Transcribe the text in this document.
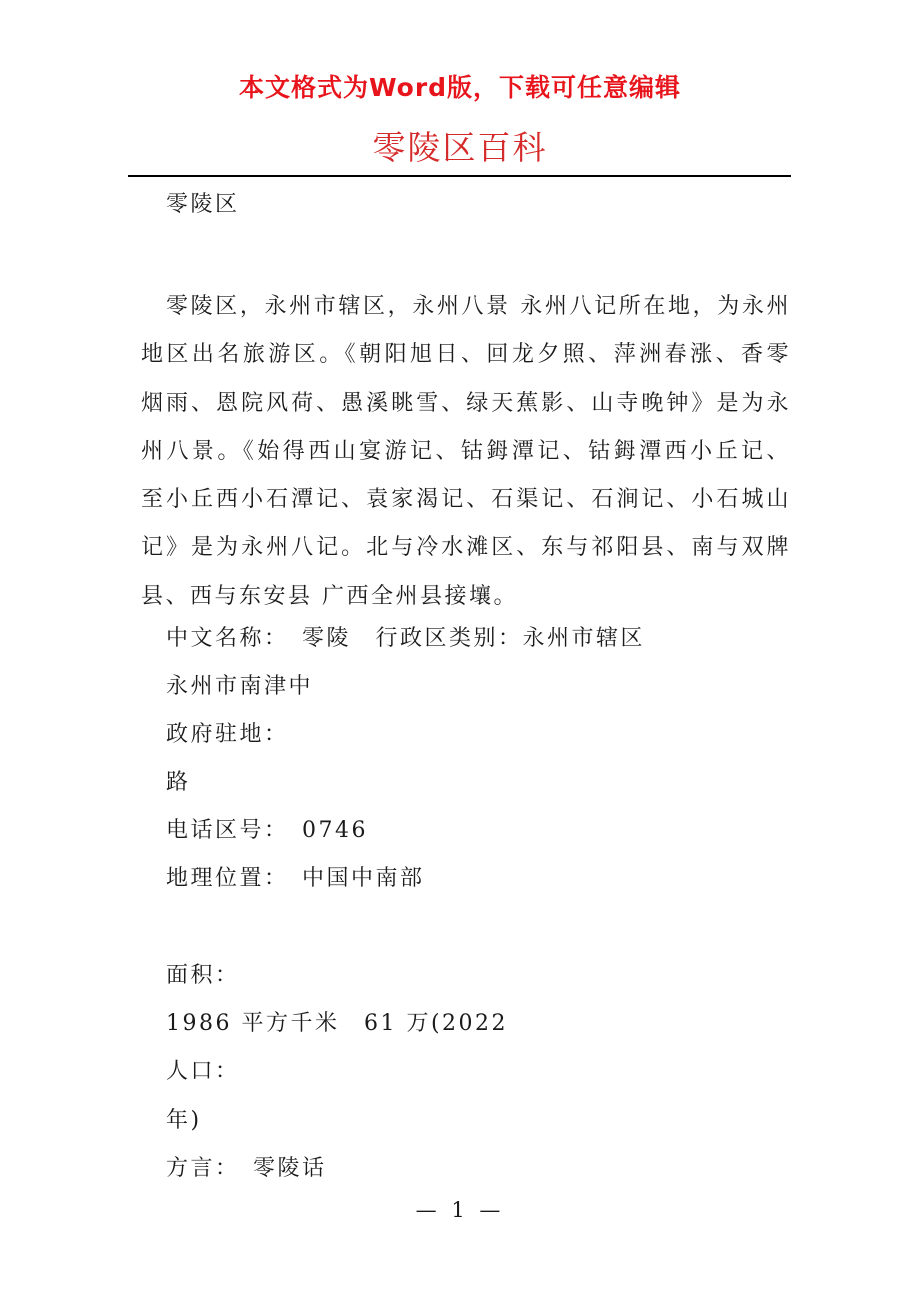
本文格式为Word版，下载可任意编辑
零陵区百科
零陵区

零陵区，永州市辖区，永州八景 永州八记所在地，为永州地区出名旅游区。《朝阳旭日、回龙夕照、萍洲春涨、香零烟雨、恩院风荷、愚溪眺雪、绿天蕉影、山寺晚钟》是为永州八景。《始得西山宴游记、钴鉧潭记、钴鉧潭西小丘记、至小丘西小石潭记、袁家渴记、石渠记、石涧记、小石城山记》是为永州八记。北与冷水滩区、东与祁阳县、南与双牌县、西与东安县 广西全州县接壤。

中文名称：　零陵　行政区类别：永州市辖区
永州市南津中
政府驻地：
路
电话区号：　0746
地理位置：　中国中南部
面积：
1986 平方千米　61 万(2022
人口：
年)
方言：　零陵话
— 1 —
